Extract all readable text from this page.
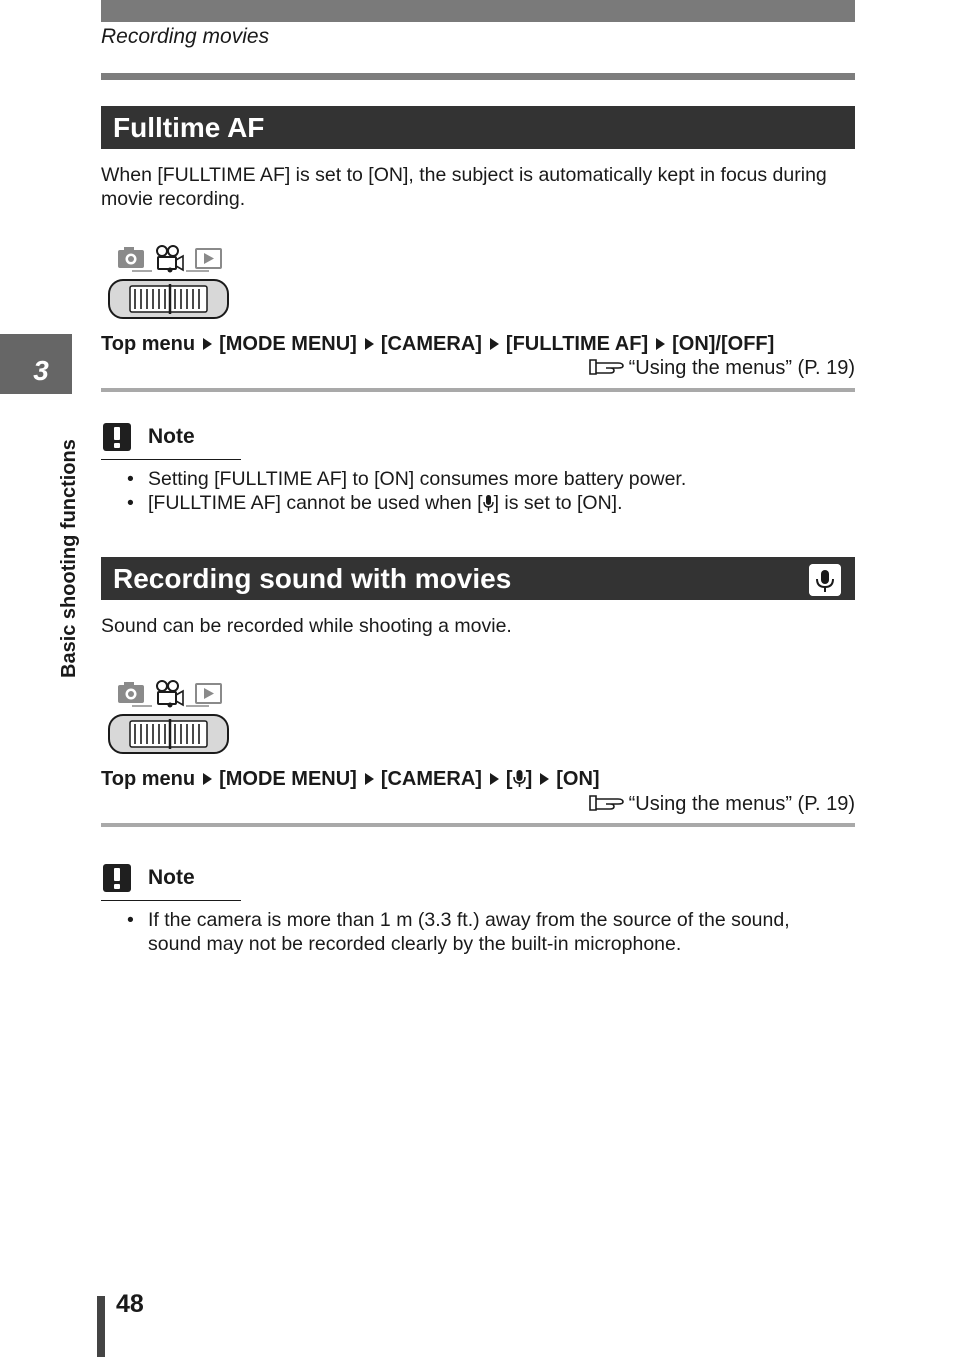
Recording movies
3
Basic shooting functions
Fulltime AF
When [FULLTIME AF] is set to [ON], the subject is automatically kept in focus during movie recording.
Top menu [MODE MENU] [CAMERA] [FULLTIME AF] [ON]/[OFF]
“Using the menus” (P. 19)
Note
• Setting [FULLTIME AF] to [ON] consumes more battery power.
• [FULLTIME AF] cannot be used when [ ] is set to [ON].
Recording sound with movies
Sound can be recorded while shooting a movie.
Top menu [MODE MENU] [CAMERA] [ ] [ON]
“Using the menus” (P. 19)
Note
• If the camera is more than 1 m (3.3 ft.) away from the source of the sound, sound may not be recorded clearly by the built-in microphone.
48
